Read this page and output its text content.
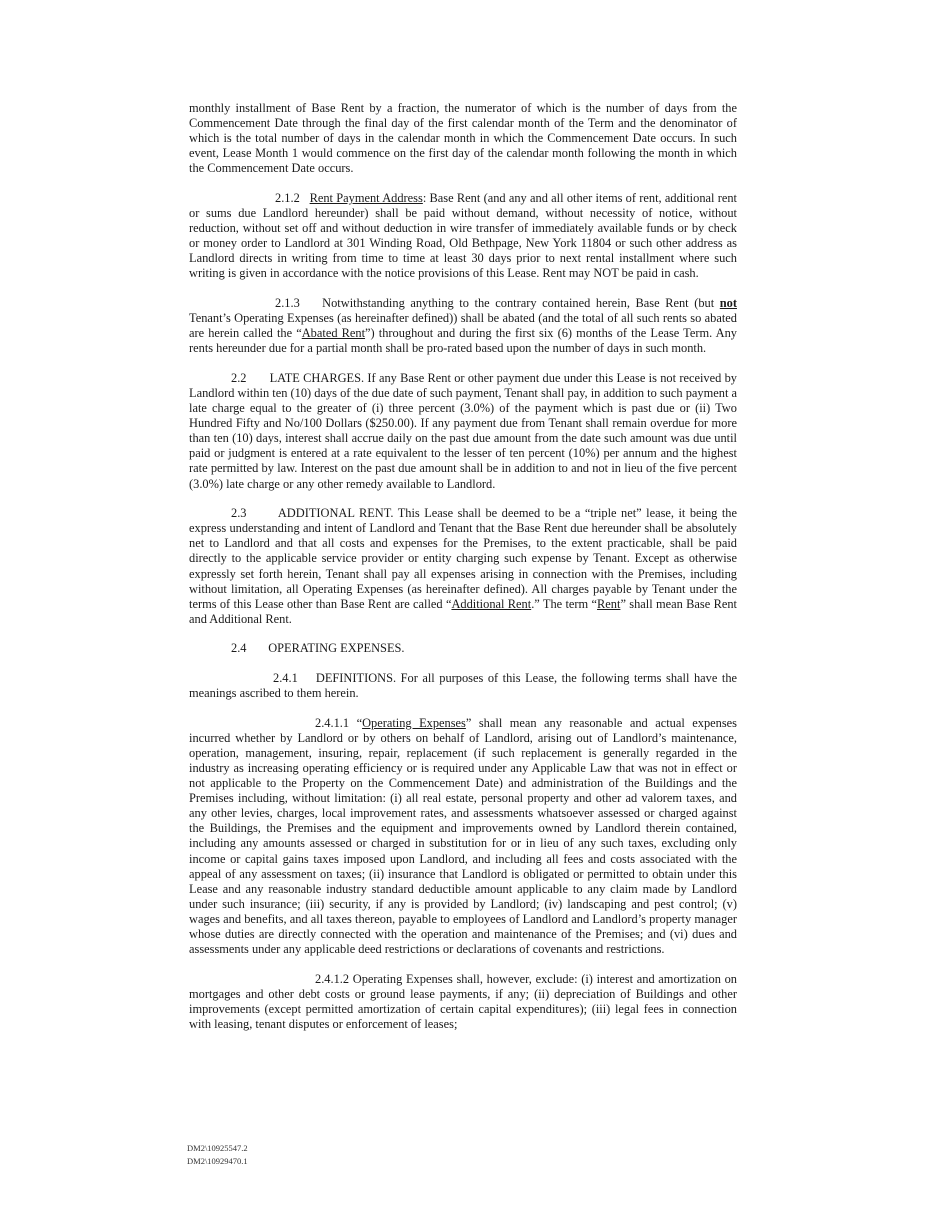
monthly installment of Base Rent by a fraction, the numerator of which is the number of days from the Commencement Date through the final day of the first calendar month of the Term and the denominator of which is the total number of days in the calendar month in which the Commencement Date occurs. In such event, Lease Month 1 would commence on the first day of the calendar month following the month in which the Commencement Date occurs.

2.1.2 Rent Payment Address: Base Rent (and any and all other items of rent, additional rent or sums due Landlord hereunder) shall be paid without demand, without necessity of notice, without reduction, without set off and without deduction in wire transfer of immediately available funds or by check or money order to Landlord at 301 Winding Road, Old Bethpage, New York 11804 or such other address as Landlord directs in writing from time to time at least 30 days prior to next rental installment where such writing is given in accordance with the notice provisions of this Lease. Rent may NOT be paid in cash.

2.1.3 Notwithstanding anything to the contrary contained herein, Base Rent (but not Tenant’s Operating Expenses (as hereinafter defined)) shall be abated (and the total of all such rents so abated are herein called the “Abated Rent”) throughout and during the first six (6) months of the Lease Term. Any rents hereunder due for a partial month shall be pro-rated based upon the number of days in such month.

2.2 LATE CHARGES. If any Base Rent or other payment due under this Lease is not received by Landlord within ten (10) days of the due date of such payment, Tenant shall pay, in addition to such payment a late charge equal to the greater of (i) three percent (3.0%) of the payment which is past due or (ii) Two Hundred Fifty and No/100 Dollars ($250.00). If any payment due from Tenant shall remain overdue for more than ten (10) days, interest shall accrue daily on the past due amount from the date such amount was due until paid or judgment is entered at a rate equivalent to the lesser of ten percent (10%) per annum and the highest rate permitted by law. Interest on the past due amount shall be in addition to and not in lieu of the five percent (3.0%) late charge or any other remedy available to Landlord.

2.3	ADDITIONAL RENT. This Lease shall be deemed to be a “triple net” lease, it being the express understanding and intent of Landlord and Tenant that the Base Rent due hereunder shall be absolutely net to Landlord and that all costs and expenses for the Premises, to the extent practicable, shall be paid directly to the applicable service provider or entity charging such expense by Tenant. Except as otherwise expressly set forth herein, Tenant shall pay all expenses arising in connection with the Premises, including without limitation, all Operating Expenses (as hereinafter defined). All charges payable by Tenant under the terms of this Lease other than Base Rent are called “Additional Rent.” The term “Rent” shall mean Base Rent and Additional Rent.

2.4 OPERATING EXPENSES.

2.4.1 DEFINITIONS. For all purposes of this Lease, the following terms shall have the meanings ascribed to them herein.

2.4.1.1 “Operating Expenses” shall mean any reasonable and actual expenses incurred whether by Landlord or by others on behalf of Landlord, arising out of Landlord’s maintenance, operation, management, insuring, repair, replacement (if such replacement is generally regarded in the industry as increasing operating efficiency or is required under any Applicable Law that was not in effect or not applicable to the Property on the Commencement Date) and administration of the Buildings and the Premises including, without limitation: (i) all real estate, personal property and other ad valorem taxes, and any other levies, charges, local improvement rates, and assessments whatsoever assessed or charged against the Buildings, the Premises and the equipment and improvements owned by Landlord therein contained, including any amounts assessed or charged in substitution for or in lieu of any such taxes, excluding only income or capital gains taxes imposed upon Landlord, and including all fees and costs associated with the appeal of any assessment on taxes; (ii) insurance that Landlord is obligated or permitted to obtain under this Lease and any reasonable industry standard deductible amount applicable to any claim made by Landlord under such insurance; (iii) security, if any is provided by Landlord; (iv) landscaping and pest control; (v) wages and benefits, and all taxes thereon, payable to employees of Landlord and Landlord’s property manager whose duties are directly connected with the operation and maintenance of the Premises; and (vi) dues and assessments under any applicable deed restrictions or declarations of covenants and restrictions.

2.4.1.2 Operating Expenses shall, however, exclude: (i) interest and amortization on mortgages and other debt costs or ground lease payments, if any; (ii) depreciation of Buildings and other improvements (except permitted amortization of certain capital expenditures); (iii) legal fees in connection with leasing, tenant disputes or enforcement of leases;

DM2\10925547.2
DM2\10929470.1
